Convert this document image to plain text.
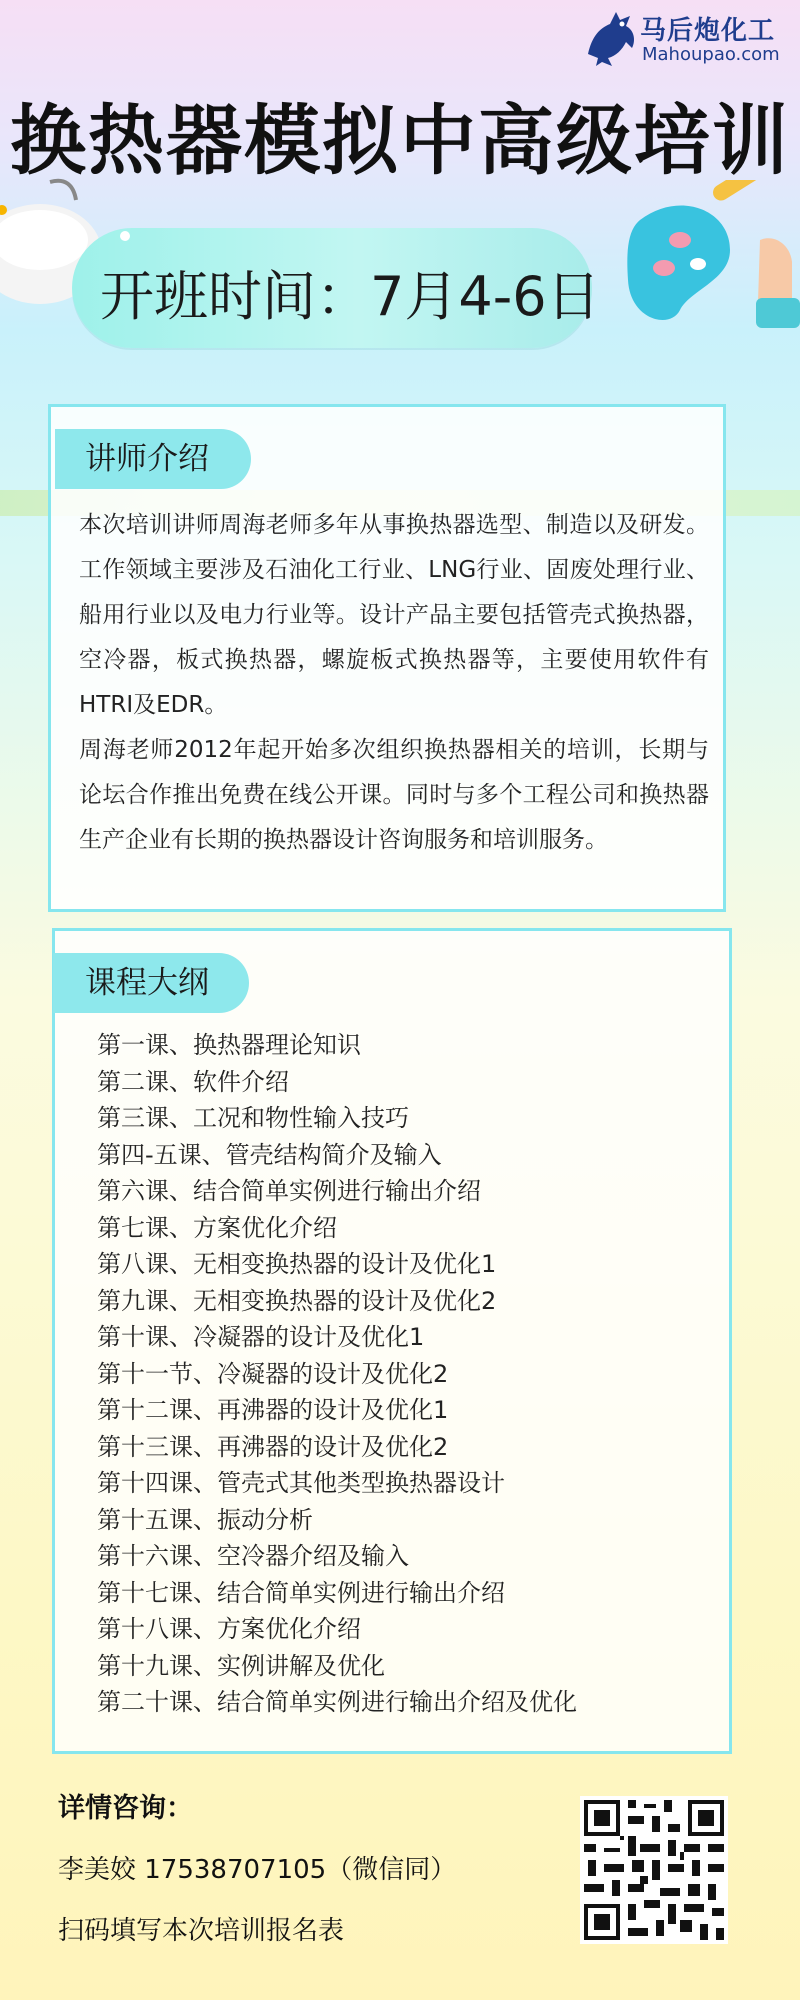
马后炮化工
Mahoupao.com
换热器模拟中高级培训
开班时间：7月4-6日
讲师介绍

本次培训讲师周海老师多年从事换热器选型、制造以及研发。工作领域主要涉及石油化工行业、LNG行业、固废处理行业、船用行业以及电力行业等。设计产品主要包括管壳式换热器，空冷器，板式换热器，螺旋板式换热器等，主要使用软件有HTRI及EDR。

周海老师2012年起开始多次组织换热器相关的培训，长期与论坛合作推出免费在线公开课。同时与多个工程公司和换热器生产企业有长期的换热器设计咨询服务和培训服务。

课程大纲
第一课、换热器理论知识
第二课、软件介绍
第三课、工况和物性输入技巧
第四-五课、管壳结构简介及输入
第六课、结合简单实例进行输出介绍
第七课、方案优化介绍
第八课、无相变换热器的设计及优化1
第九课、无相变换热器的设计及优化2
第十课、冷凝器的设计及优化1
第十一节、冷凝器的设计及优化2
第十二课、再沸器的设计及优化1
第十三课、再沸器的设计及优化2
第十四课、管壳式其他类型换热器设计
第十五课、振动分析
第十六课、空冷器介绍及输入
第十七课、结合简单实例进行输出介绍
第十八课、方案优化介绍
第十九课、实例讲解及优化
第二十课、结合简单实例进行输出介绍及优化
详情咨询：
李美姣 17538707105（微信同）
扫码填写本次培训报名表
